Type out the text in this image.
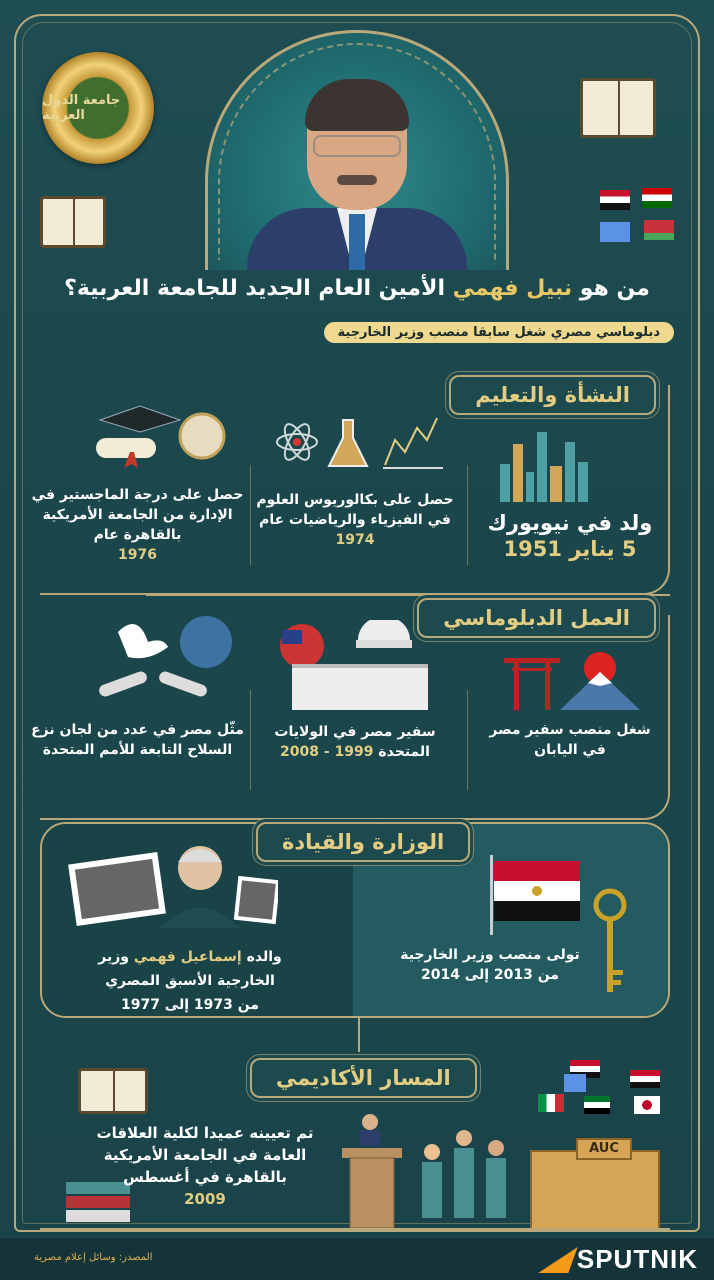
جامعة الدول العربية
من هو نبيل فهمي الأمين العام الجديد للجامعة العربية؟
دبلوماسي مصري شغل سابقا منصب وزير الخارجية
النشأة والتعليم
ولد في نيويورك
5 يناير 1951
حصل على بكالوريوس العلوم في الفيزياء والرياضيات عام 1974
حصل على درجة الماجستير في الإدارة من الجامعة الأمريكية بالقاهرة عام
1976
العمل الدبلوماسي
شغل منصب سفير مصر في اليابان
سفير مصر في الولايات المتحدة 1999 - 2008
مثّل مصر في عدد من لجان نزع السلاح التابعة للأمم المتحدة
الوزارة والقيادة
تولى منصب وزير الخارجية
من 2013 إلى 2014
والده إسماعيل فهمي وزير الخارجية الأسبق المصري
من 1973 إلى 1977
المسار الأكاديمي
تم تعيينه عميدا لكلية العلاقات العامة في الجامعة الأمريكية بالقاهرة في أغسطس
2009
AUC
المصدر: وسائل إعلام مصرية	SPUTNIK
